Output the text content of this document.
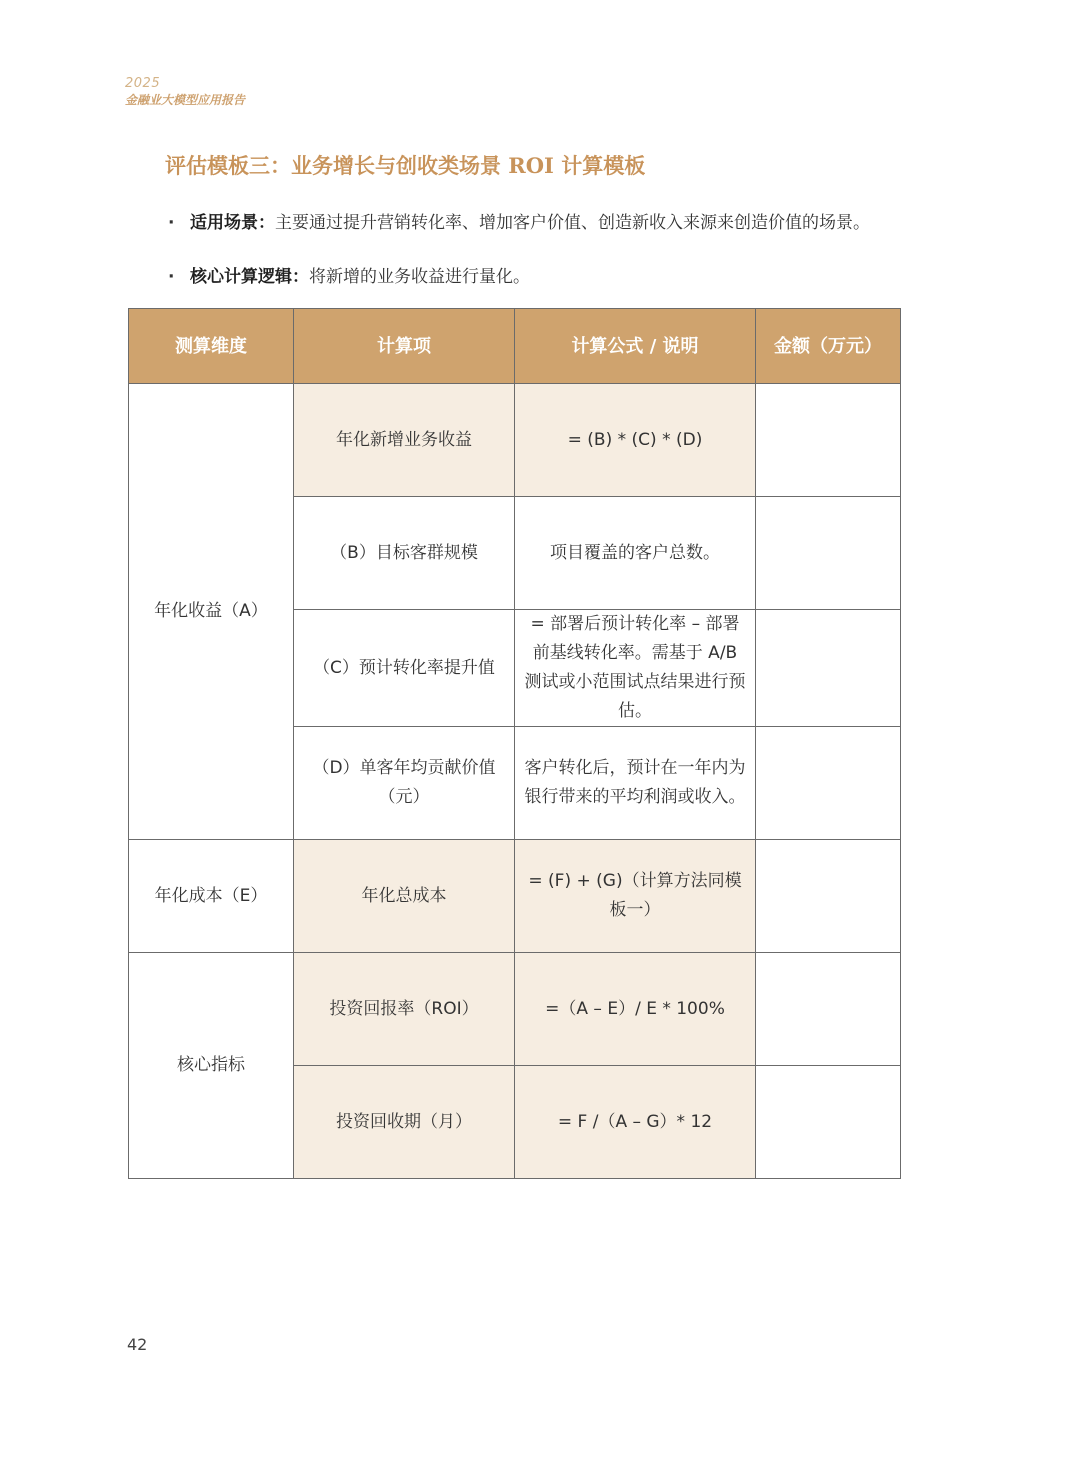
2025
金融业大模型应用报告
评估模板三：业务增长与创收类场景 ROI 计算模板
· 适用场景：主要通过提升营销转化率、增加客户价值、创造新收入来源来创造价值的场景。
· 核心计算逻辑：将新增的业务收益进行量化。
测算维度	计算项	计算公式 / 说明	金额（万元）
年化收益（A）	年化新增业务收益	= (B) * (C) * (D)	
	（B）目标客群规模	项目覆盖的客户总数。	
	（C）预计转化率提升值	= 部署后预计转化率 – 部署前基线转化率。需基于 A/B 测试或小范围试点结果进行预估。	
	（D）单客年均贡献价值（元）	客户转化后，预计在一年内为银行带来的平均利润或收入。	
年化成本（E）	年化总成本	= (F) + (G)（计算方法同模板一）	
核心指标	投资回报率（ROI）	=（A – E）/ E * 100%	
	投资回收期（月）	= F /（A – G）* 12	
42
